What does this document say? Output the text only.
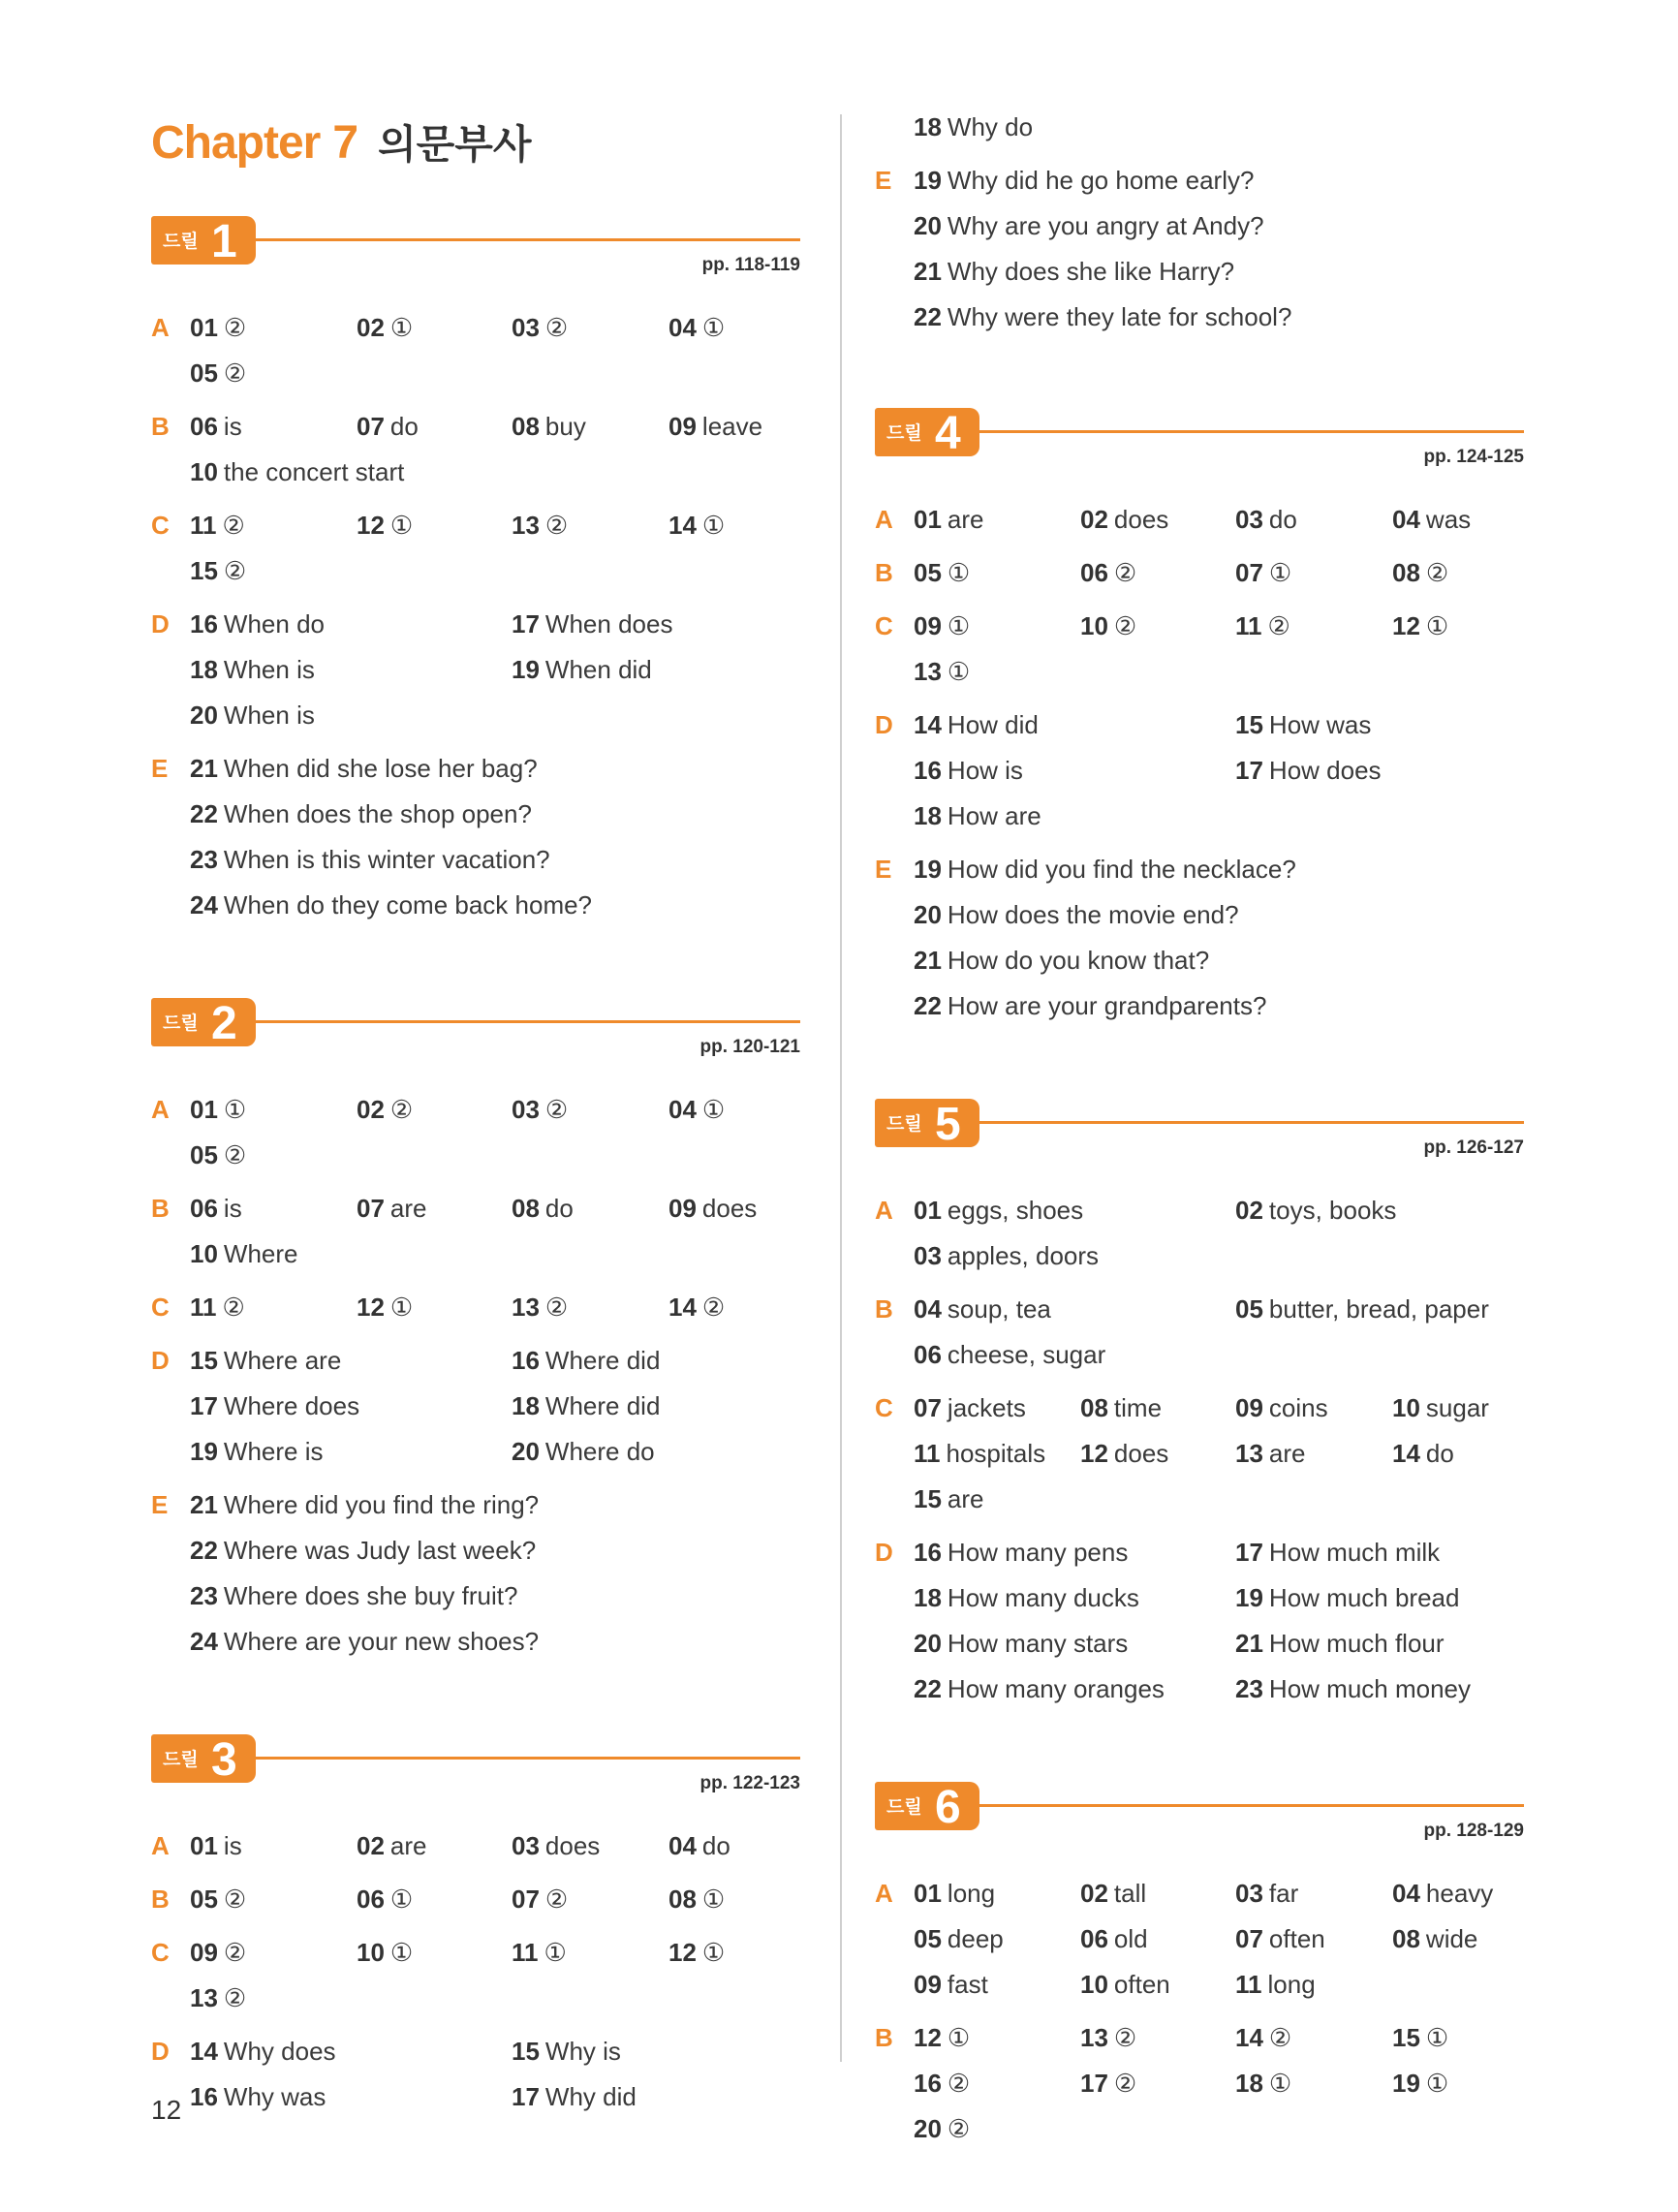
Chapter 7 의문부사
드릴 1	pp. 118-119
A 01 ②	02 ①	03 ②	04 ①
05 ②
B 06 is	07 do	08 buy	09 leave
10 the concert start
C 11 ②	12 ①	13 ②	14 ①
15 ②
D 16 When do	17 When does
18 When is	19 When did
20 When is
E 21 When did she lose her bag?
22 When does the shop open?
23 When is this winter vacation?
24 When do they come back home?
드릴 2	pp. 120-121
A 01 ①	02 ②	03 ②	04 ①
05 ②
B 06 is	07 are	08 do	09 does
10 Where
C 11 ②	12 ①	13 ②	14 ②
D 15 Where are	16 Where did
17 Where does	18 Where did
19 Where is	20 Where do
E 21 Where did you find the ring?
22 Where was Judy last week?
23 Where does she buy fruit?
24 Where are your new shoes?
드릴 3	pp. 122-123
A 01 is	02 are	03 does	04 do
B 05 ②	06 ①	07 ②	08 ①
C 09 ②	10 ①	11 ①	12 ①
13 ②
D 14 Why does	15 Why is
16 Why was	17 Why did
18 Why do
E 19 Why did he go home early?
20 Why are you angry at Andy?
21 Why does she like Harry?
22 Why were they late for school?
드릴 4	pp. 124-125
A 01 are	02 does	03 do	04 was
B 05 ①	06 ②	07 ①	08 ②
C 09 ①	10 ②	11 ②	12 ①
13 ①
D 14 How did	15 How was
16 How is	17 How does
18 How are
E 19 How did you find the necklace?
20 How does the movie end?
21 How do you know that?
22 How are your grandparents?
드릴 5	pp. 126-127
A 01 eggs, shoes	02 toys, books
03 apples, doors
B 04 soup, tea	05 butter, bread, paper
06 cheese, sugar
C 07 jackets	08 time	09 coins	10 sugar
11 hospitals	12 does	13 are	14 do
15 are
D 16 How many pens	17 How much milk
18 How many ducks	19 How much bread
20 How many stars	21 How much flour
22 How many oranges	23 How much money
드릴 6	pp. 128-129
A 01 long	02 tall	03 far	04 heavy
05 deep	06 old	07 often	08 wide
09 fast	10 often	11 long
B 12 ①	13 ②	14 ②	15 ①
16 ②	17 ②	18 ①	19 ①
20 ②
12
